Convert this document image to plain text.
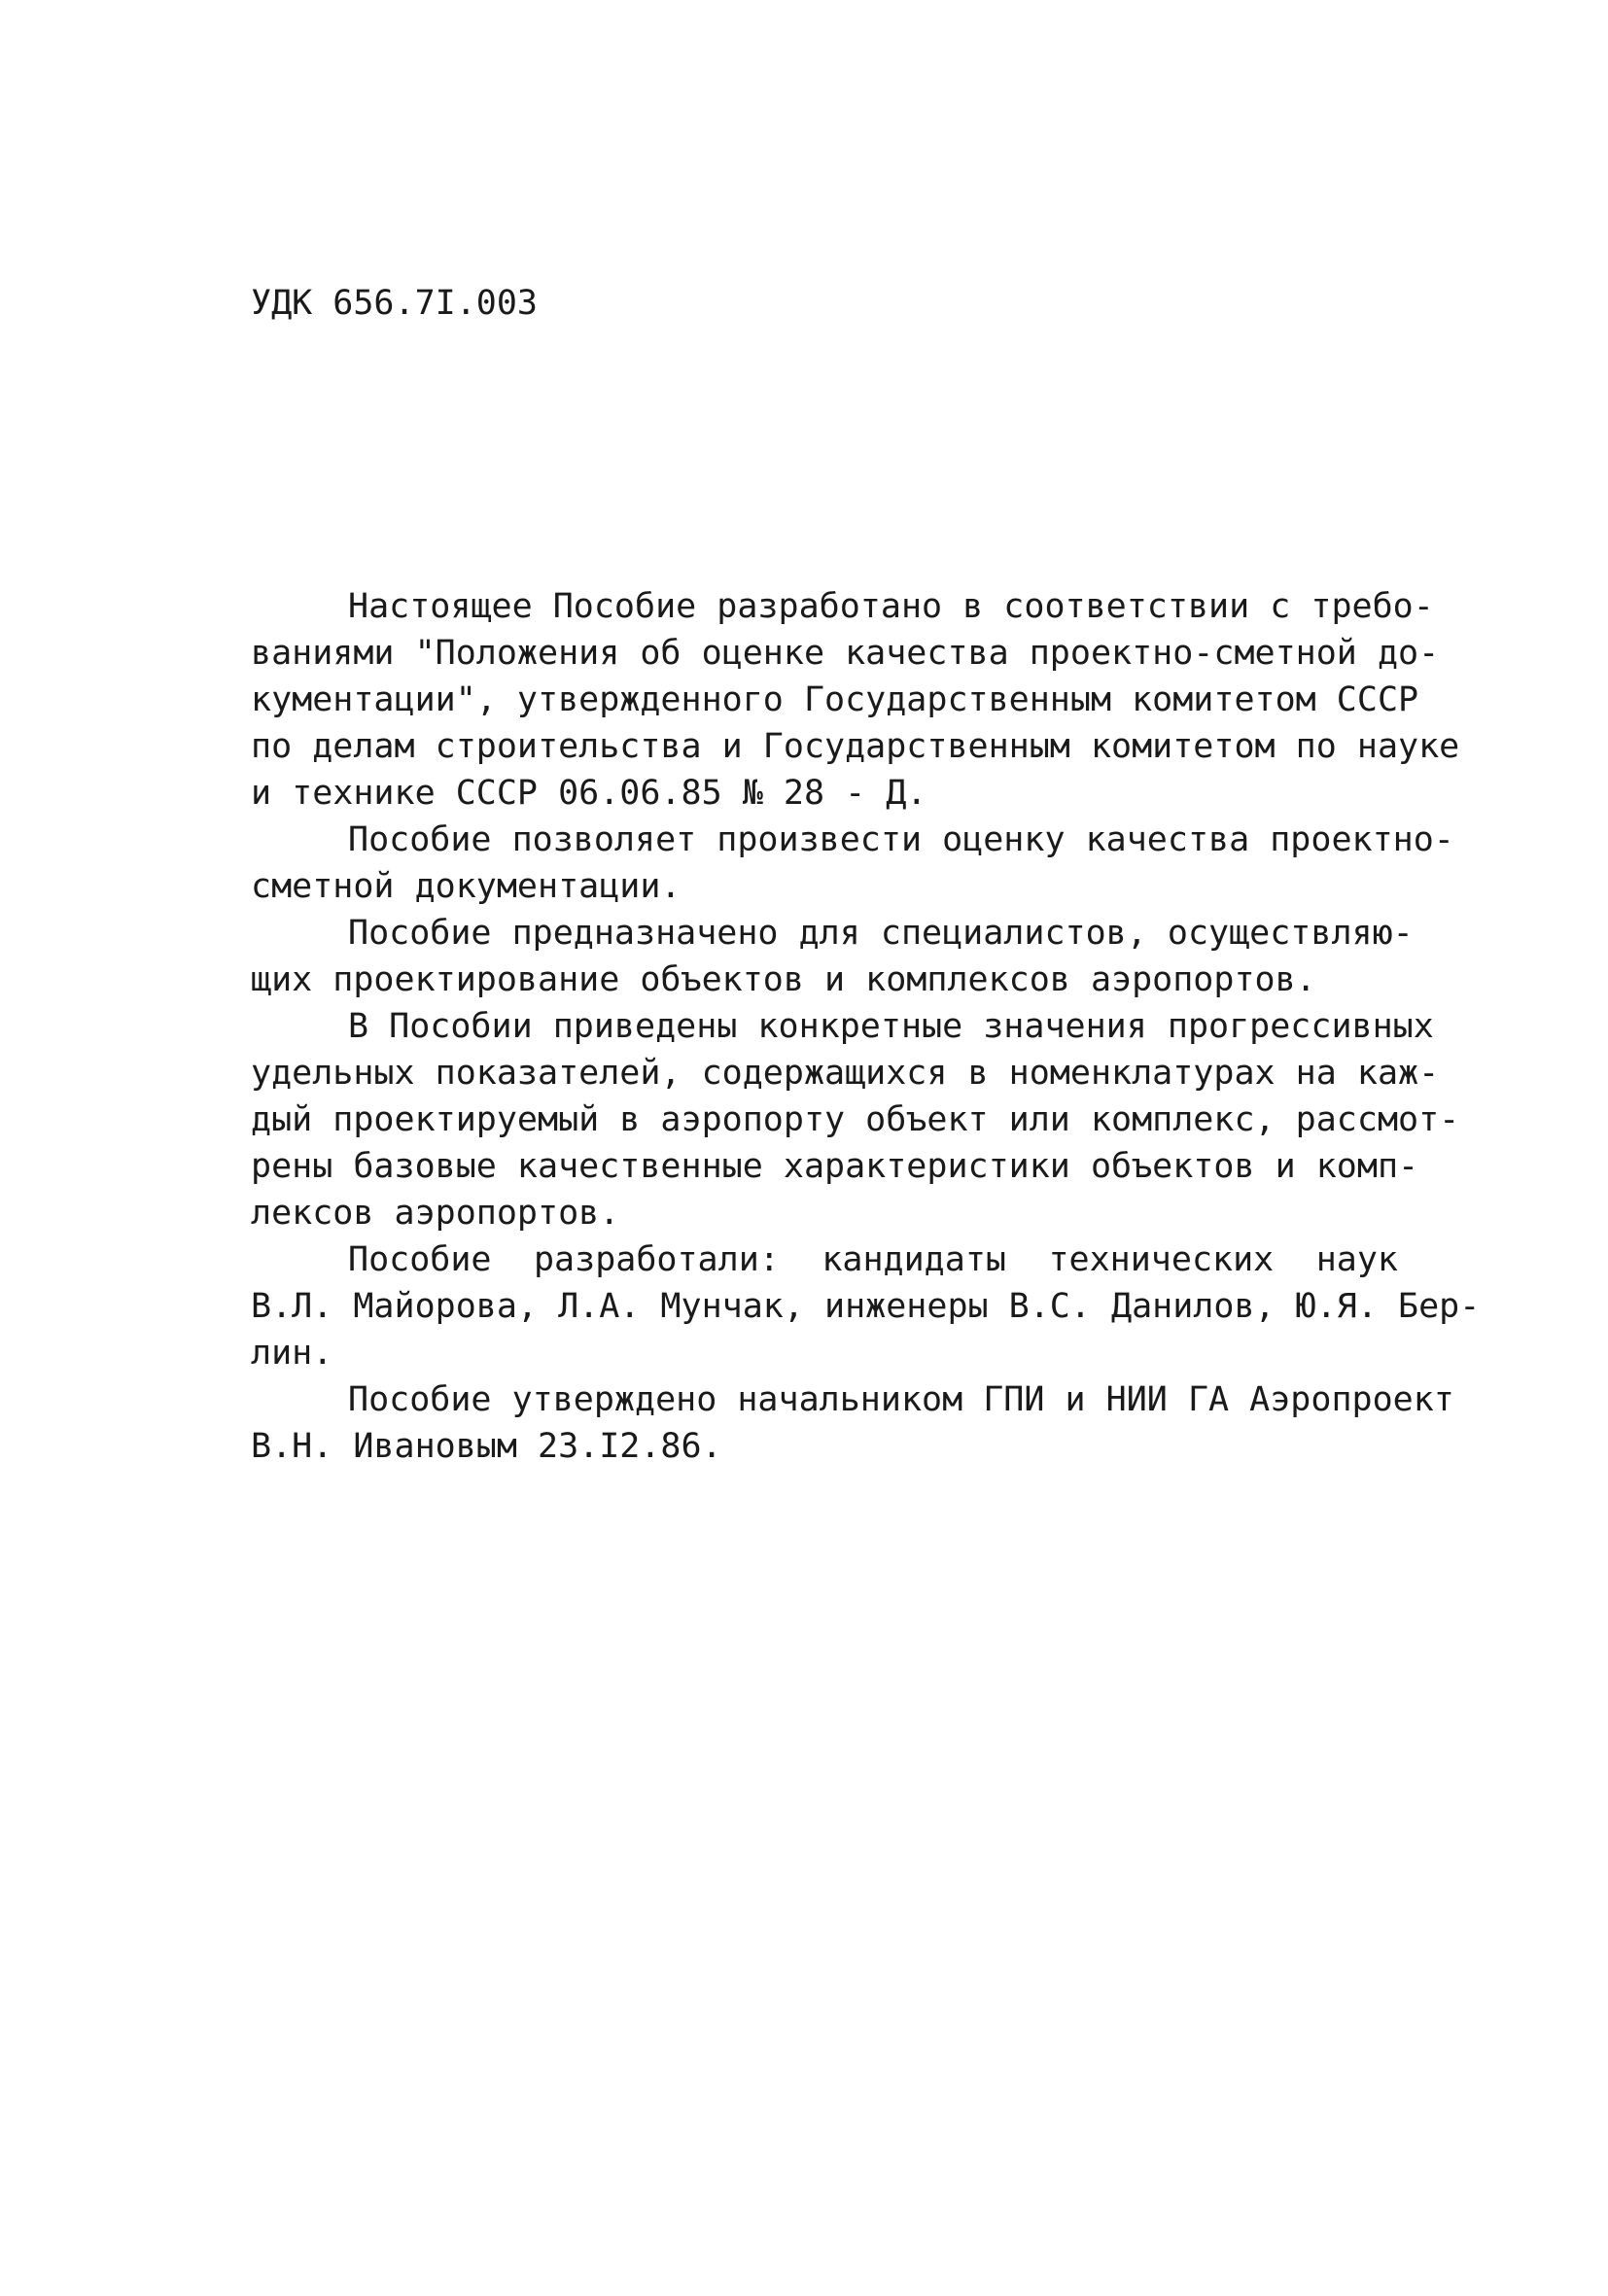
УДК 656.7I.003
Настоящее Пособие разработано в соответствии с требо-
ваниями "Положения об оценке качества проектно-сметной до-
кументации", утвержденного Государственным комитетом СССР
по делам строительства и Государственным комитетом по науке
и технике СССР 06.06.85 № 28 - Д.
Пособие позволяет произвести оценку качества проектно-
сметной документации.
Пособие предназначено для специалистов, осуществляю-
щих проектирование объектов и комплексов аэропортов.
В Пособии приведены конкретные значения прогрессивных
удельных показателей, содержащихся в номенклатурах на каж-
дый проектируемый в аэропорту объект или комплекс, рассмот-
рены базовые качественные характеристики объектов и комп-
лексов аэропортов.
Пособие разработали: кандидаты технических наук
В.Л. Майорова, Л.А. Мунчак, инженеры В.С. Данилов, Ю.Я. Бер-
лин.
Пособие утверждено начальником ГПИ и НИИ ГА Аэропроект
В.Н. Ивановым 23.I2.86.
